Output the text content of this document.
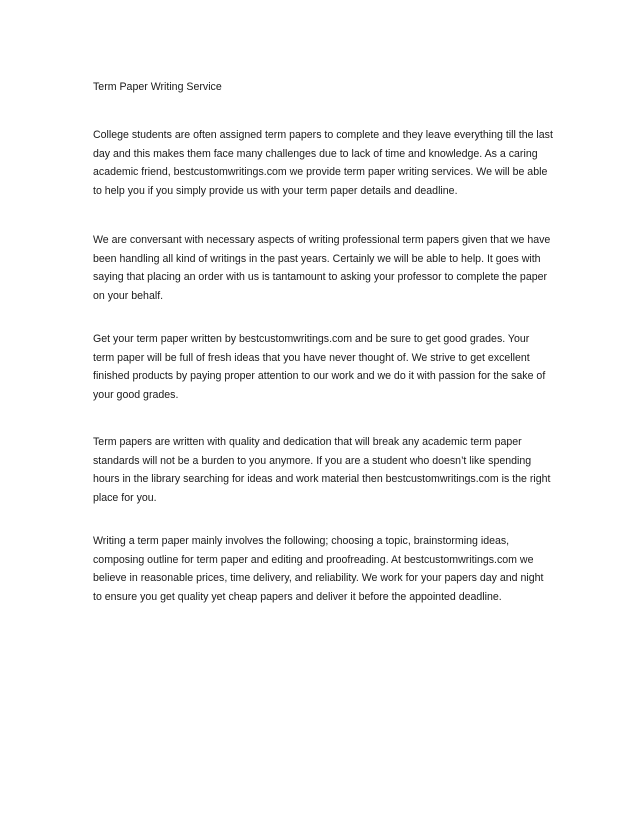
Term Paper Writing Service

College students are often assigned term papers to complete and they leave everything till the last day and this makes them face many challenges due to lack of time and knowledge. As a caring academic friend, bestcustomwritings.com we provide term paper writing services. We will be able to help you if you simply provide us with your term paper details and deadline.

We are conversant with necessary aspects of writing professional term papers given that we have been handling all kind of writings in the past years. Certainly we will be able to help. It goes with saying that placing an order with us is tantamount to asking your professor to complete the paper on your behalf.

Get your term paper written by bestcustomwritings.com and be sure to get good grades. Your term paper will be full of fresh ideas that you have never thought of. We strive to get excellent finished products by paying proper attention to our work and we do it with passion for the sake of your good grades.

Term papers are written with quality and dedication that will break any academic term paper standards will not be a burden to you anymore. If you are a student who doesn’t like spending hours in the library searching for ideas and work material then bestcustomwritings.com is the right place for you.

Writing a term paper mainly involves the following; choosing a topic, brainstorming ideas, composing outline for term paper and editing and proofreading. At bestcustomwritings.com we believe in reasonable prices, time delivery, and reliability. We work for your papers day and night to ensure you get quality yet cheap papers and deliver it before the appointed deadline.
